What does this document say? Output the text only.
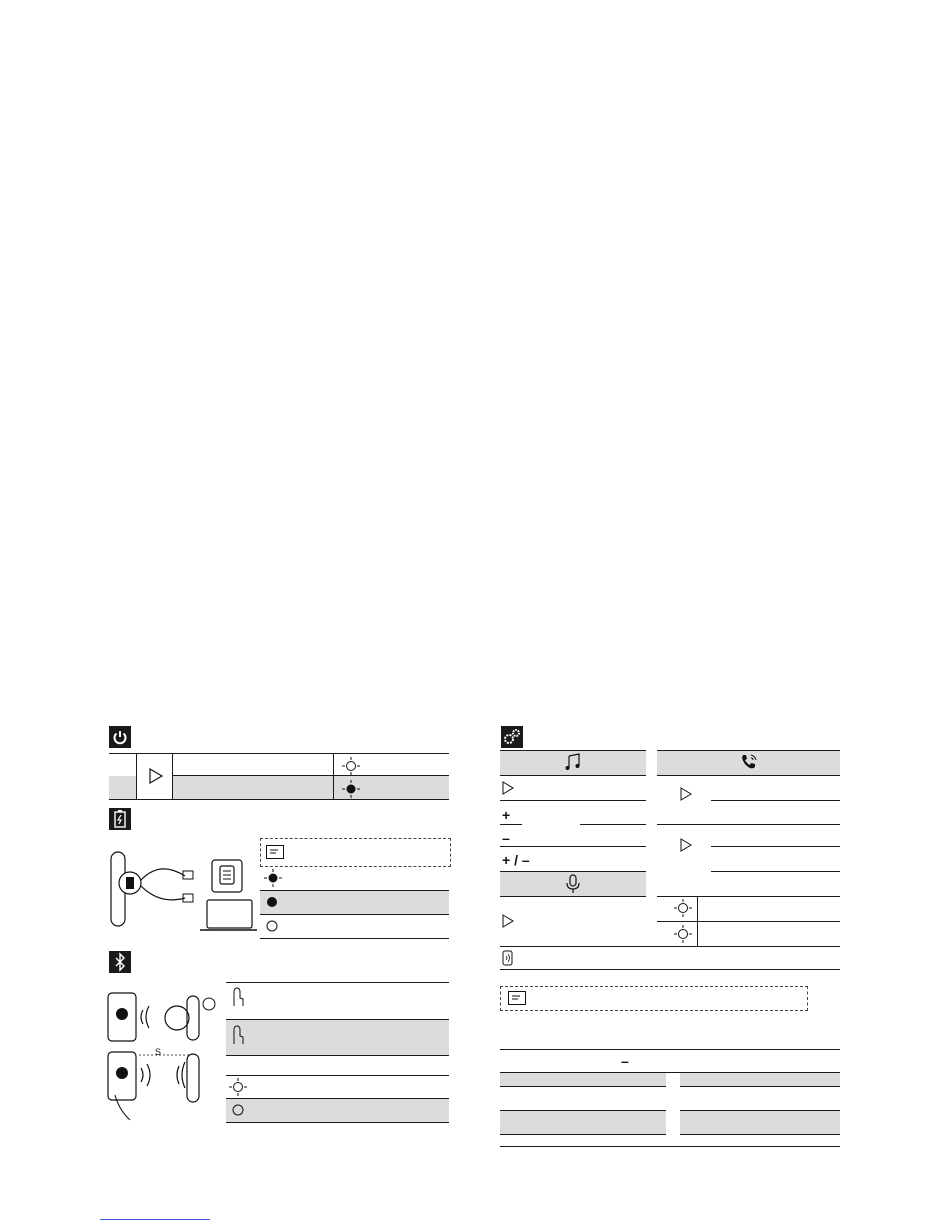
S
+
–
+ / –
–
